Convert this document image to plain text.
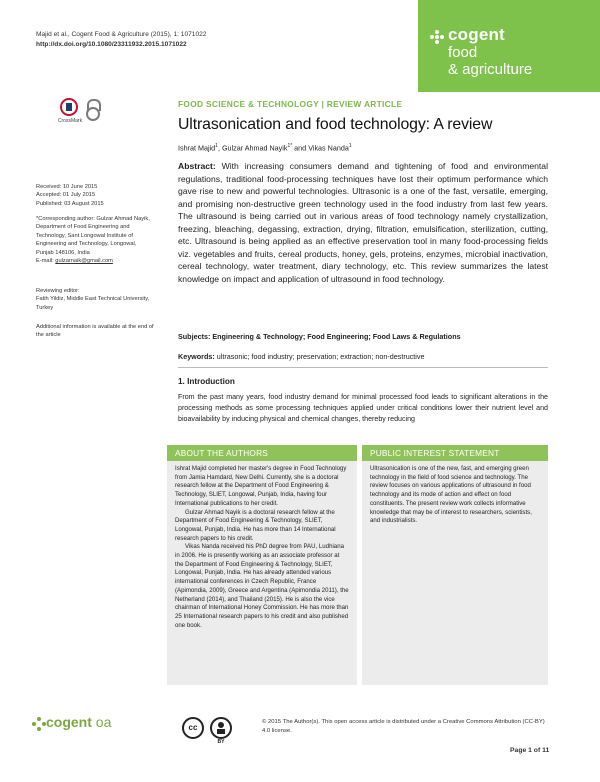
Majid et al., Cogent Food & Agriculture (2015), 1: 1071022
http://dx.doi.org/10.1080/23311932.2015.1071022
cogent
food
& agriculture
CrossMark
FOOD SCIENCE & TECHNOLOGY | REVIEW ARTICLE
Ultrasonication and food technology: A review
Ishrat Majid$^1$, Gulzar Ahmad Nayik$^{1*}$ and Vikas Nanda$^1$
Received: 10 June 2015
Accepted: 01 July 2015
Published: 03 August 2015
*Corresponding author: Gulzar Ahmad Nayik, Department of Food Engineering and Technology, Sant Longowal Institute of Engineering and Technology, Longowal, Punjab 148106, India
E-mail: gulzarnaik@gmail.com
Reviewing editor:
Fatih Yildiz, Middle East Technical University, Turkey
Additional information is available at the end of the article
Abstract: With increasing consumers demand and tightening of food and environmental regulations, traditional food-processing techniques have lost their optimum performance which gave rise to new and powerful technologies. Ultrasonic is a one of the fast, versatile, emerging, and promising non-destructive green technology used in the food industry from last few years. The ultrasound is being carried out in various areas of food technology namely crystallization, freezing, bleaching, degassing, extraction, drying, filtration, emulsification, sterilization, cutting, etc. Ultrasound is being applied as an effective preservation tool in many food-processing fields viz. vegetables and fruits, cereal products, honey, gels, proteins, enzymes, microbial inactivation, cereal technology, water treatment, diary technology, etc. This review summarizes the latest knowledge on impact and application of ultrasound in food technology.
Subjects: Engineering & Technology; Food Engineering; Food Laws & Regulations
Keywords: ultrasonic; food industry; preservation; extraction; non-destructive
1. Introduction
From the past many years, food industry demand for minimal processed food leads to significant alterations in the processing methods as some processing techniques applied under critical conditions lower their nutrient level and bioavailability by inducing physical and chemical changes, thereby reducing
ABOUT THE AUTHORS

Ishrat Majid completed her master's degree in Food Technology from Jamia Hamdard, New Delhi. Currently, she is a doctoral research fellow at the Department of Food Engineering & Technology, SLIET, Longowal, Punjab, India, having four International publications to her credit.

Gulzar Ahmad Nayik is a doctoral research fellow at the Department of Food Engineering & Technology, SLIET, Longowal, Punjab, India. He has more than 14 International research papers to his credit.

Vikas Nanda received his PhD degree from PAU, Ludhiana in 2006. He is presently working as an associate professor at the Department of Food Engineering & Technology, SLIET, Longowal, Punjab, India. He has already attended various international conferences in Czech Republic, France (Apimondia, 2009), Greece and Argentina (Apimondia 2011), the Netherland (2014), and Thailand (2015). He is also the vice chairman of International Honey Commission. He has more than 25 International research papers to his credit and also published one book.

PUBLIC INTEREST STATEMENT
Ultrasonication is one of the new, fast, and emerging green technology in the field of food science and technology. The review focuses on various applications of ultrasound in food technology and its mode of action and effect on food constituents. The present review work collects informative knowledge that may be of interest to researchers, scientists, and industrialists.
cogent oa	cc
BY
© 2015 The Author(s). This open access article is distributed under a Creative Commons Attribution (CC-BY) 4.0 license.
Page 1 of 11
